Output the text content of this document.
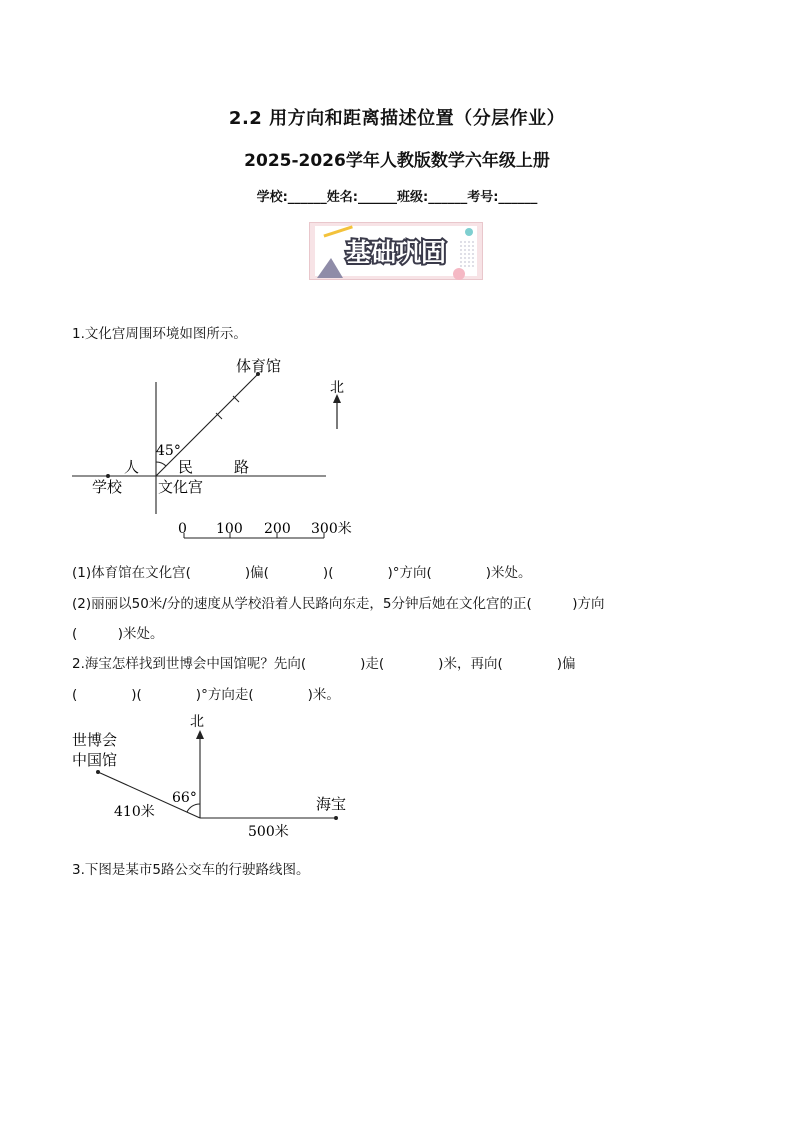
2.2 用方向和距离描述位置（分层作业）
2025-2026学年人教版数学六年级上册
学校:______姓名:______班级:______考号:______
基础巩固
1.文化宫周围环境如图所示。
体育馆
北
45°
人	民	路
学校 文化宫
0 100 200 300米
(1)体育馆在文化宫(　　　　)偏(　　　　)(　　　　)°方向(　　　　)米处。
(2)丽丽以50米/分的速度从学校沿着人民路向东走，5分钟后她在文化宫的正(　　　)方向
(　　　)米处。
2.海宝怎样找到世博会中国馆呢？先向(　　　　)走(　　　　)米，再向(　　　　)偏
(　　　　)(　　　　)°方向走(　　　　)米。
北
世博会
中国馆
66°
410米	海宝
500米
3.下图是某市5路公交车的行驶路线图。
